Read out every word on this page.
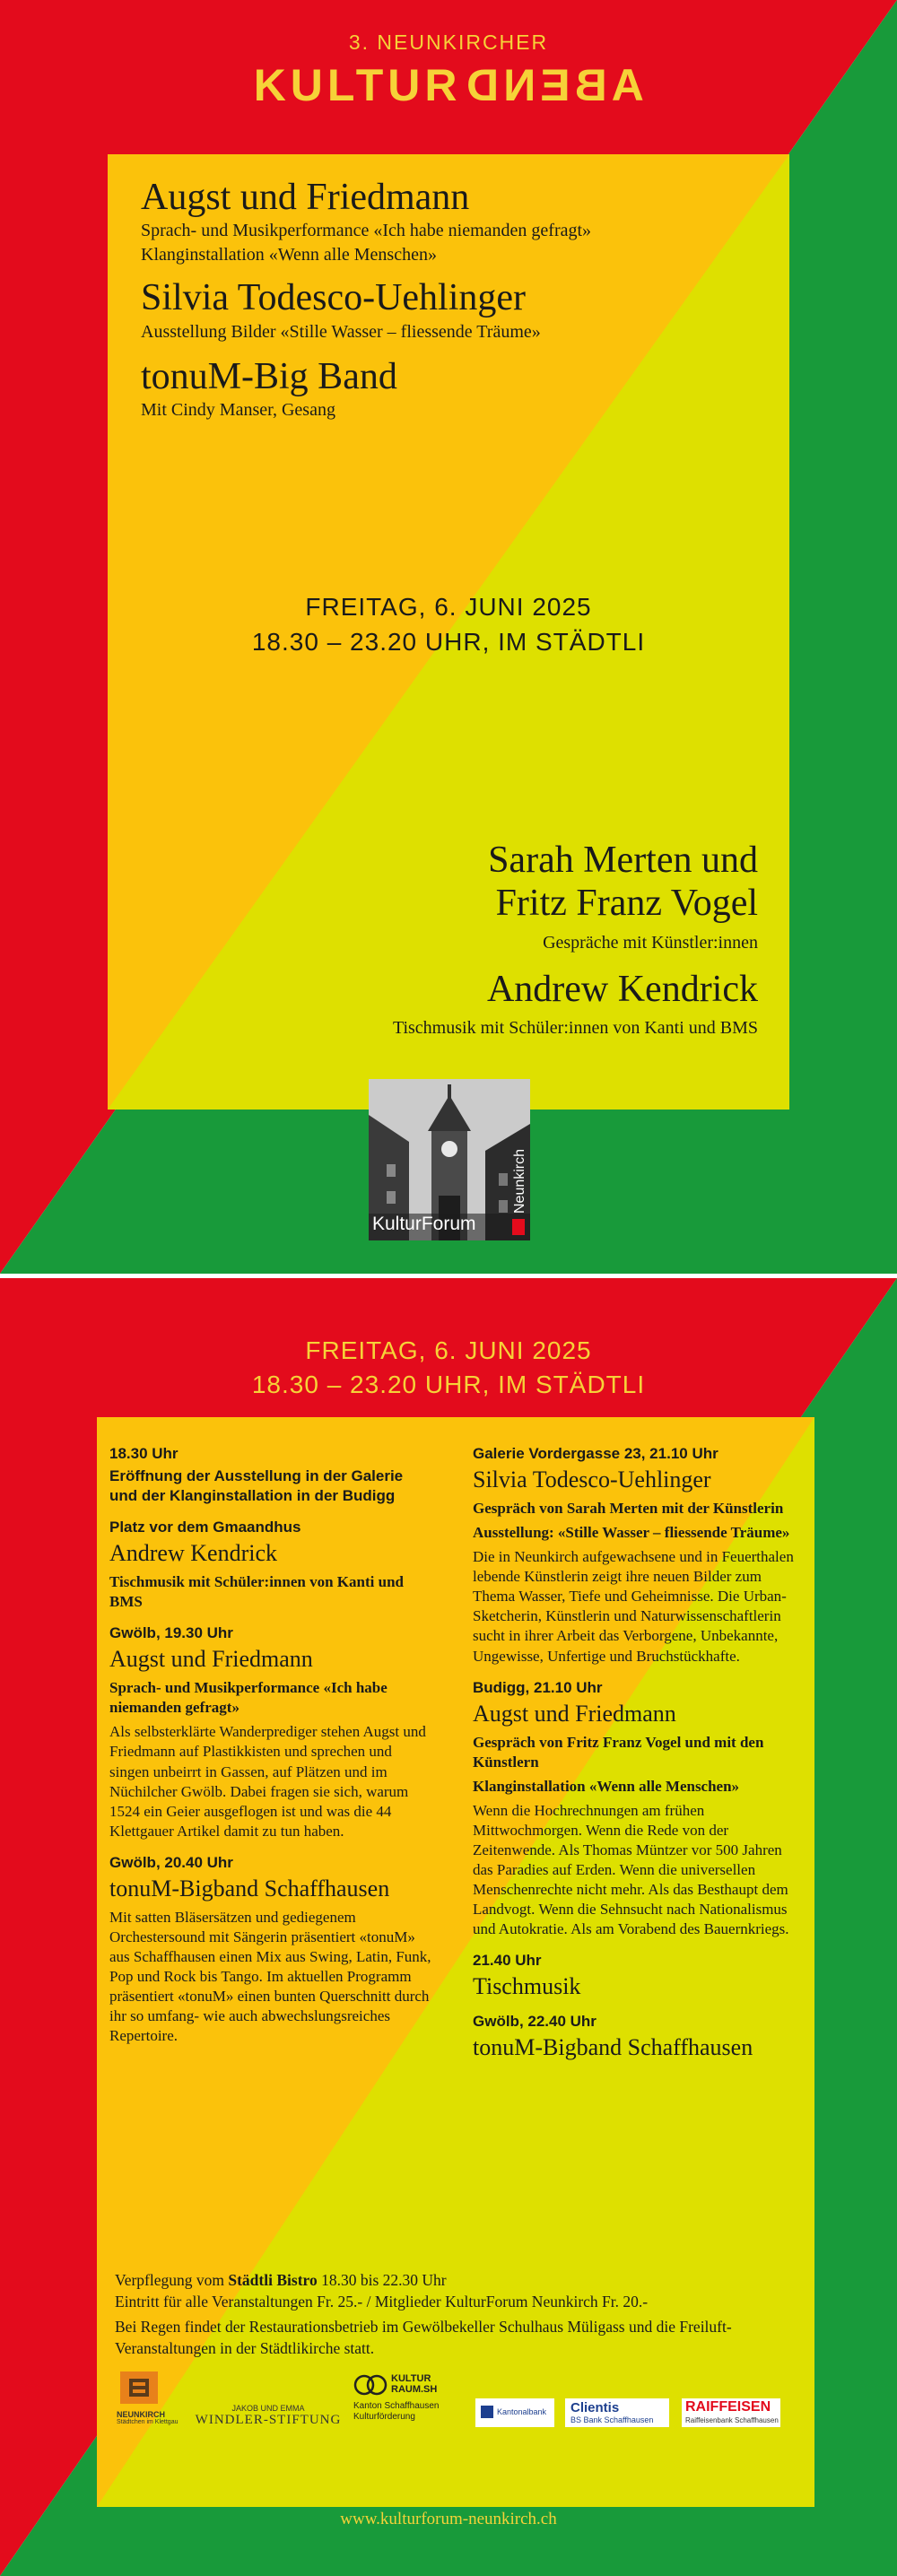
3. NEUNKIRCHER
KULTURABEND
Augst und Friedmann
Sprach- und Musikperformance «Ich habe niemanden gefragt»
Klanginstallation «Wenn alle Menschen»
Silvia Todesco-Uehlinger
Ausstellung Bilder «Stille Wasser – fliessende Träume»
tonuM-Big Band
Mit Cindy Manser, Gesang
FREITAG, 6. JUNI 2025
18.30 – 23.20 UHR, IM STÄDTLI
Sarah Merten und
Fritz Franz Vogel
Gespräche mit Künstler:innen
Andrew Kendrick
Tischmusik mit Schüler:innen von Kanti und BMS
KulturForum
Neunkirch
FREITAG, 6. JUNI 2025
18.30 – 23.20 UHR, IM STÄDTLI

18.30 Uhr

Eröffnung der Ausstellung in der Galerie und der Klanginstallation in der Budigg

Platz vor dem Gmaandhus

Andrew Kendrick

Tischmusik mit Schüler:innen von Kanti und BMS

Gwölb, 19.30 Uhr

Augst und Friedmann

Sprach- und Musikperformance «Ich habe niemanden gefragt»

Als selbsterklärte Wanderprediger stehen Augst und Friedmann auf Plastikkisten und sprechen und singen unbeirrt in Gassen, auf Plätzen und im Nüchilcher Gwölb. Dabei fragen sie sich, warum 1524 ein Geier ausgeflogen ist und was die 44 Klettgauer Artikel damit zu tun haben.

Gwölb, 20.40 Uhr

tonuM-Bigband Schaffhausen

Mit satten Bläsersätzen und gediegenem Orchestersound mit Sängerin präsentiert «tonuM» aus Schaffhausen einen Mix aus Swing, Latin, Funk, Pop und Rock bis Tango. Im aktuellen Programm präsentiert «tonuM» einen bunten Querschnitt durch ihr so umfang- wie auch abwechslungsreiches Repertoire.

Galerie Vordergasse 23, 21.10 Uhr

Silvia Todesco-Uehlinger

Gespräch von Sarah Merten mit der Künstlerin

Ausstellung: «Stille Wasser – fliessende Träume»

Die in Neunkirch aufgewachsene und in Feuerthalen lebende Künstlerin zeigt ihre neuen Bilder zum Thema Wasser, Tiefe und Geheimnisse. Die Urban-Sketcherin, Künstlerin und Naturwissenschaftlerin sucht in ihrer Arbeit das Verborgene, Unbekannte, Ungewisse, Unfertige und Bruchstückhafte.

Budigg, 21.10 Uhr

Augst und Friedmann

Gespräch von Fritz Franz Vogel und mit den Künstlern

Klanginstallation «Wenn alle Menschen»

Wenn die Hochrechnungen am frühen Mittwochmorgen. Wenn die Rede von der Zeitenwende. Als Thomas Müntzer vor 500 Jahren das Paradies auf Erden. Wenn die universellen Menschenrechte nicht mehr. Als das Besthaupt dem Landvogt. Wenn die Sehnsucht nach Nationalismus und Autokratie. Als am Vorabend des Bauernkriegs.

21.40 Uhr

Tischmusik

Gwölb, 22.40 Uhr

tonuM-Bigband Schaffhausen

Verpflegung vom Städtli Bistro 18.30 bis 22.30 Uhr
Eintritt für alle Veranstaltungen Fr. 25.- / Mitglieder KulturForum Neunkirch Fr. 20.-
Bei Regen findet der Restaurationsbetrieb im Gewölbekeller Schulhaus Müligass und die Freiluft-Veranstaltungen in der Städtlikirche statt.
NEUNKIRCH
Städtchen im Klettgau
JAKOB UND EMMA
WINDLER-STIFTUNG
KULTUR
RAUM.SH
Kanton Schaffhausen
Kulturförderung	Kantonalbank Clientis
BS Bank Schaffhausen
RAIFFEISEN
Raiffeisenbank Schaffhausen
www.kulturforum-neunkirch.ch
